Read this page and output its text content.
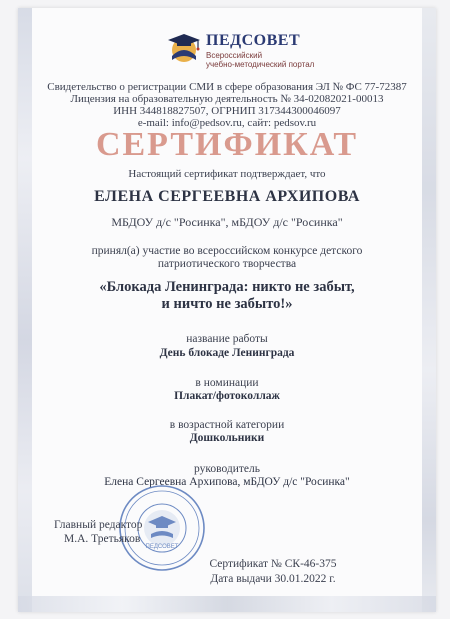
ПЕДСОВЕТ
Всероссийский
учебно-методический портал
Свидетельство о регистрации СМИ в сфере образования ЭЛ № ФС 77-72387
Лицензия на образовательную деятельность № 34-02082021-00013
ИНН 344818827507, ОГРНИП 317344300046097
e-mail: info@pedsov.ru, сайт: pedsov.ru
СЕРТИФИКАТ
Настоящий сертификат подтверждает, что
ЕЛЕНА СЕРГЕЕВНА АРХИПОВА
МБДОУ д/с "Росинка", мБДОУ д/с "Росинка"
принял(а) участие во всероссийском конкурсе детского
патриотического творчества
«Блокада Ленинграда: никто не забыт,
и ничто не забыто!»
название работы
День блокаде Ленинграда
в номинации
Плакат/фотоколлаж
в возрастной категории
Дошкольники
руководитель
Елена Сергеевна Архипова, мБДОУ д/с "Росинка"
ПЕДСОВЕТ
Главный редактор
М.А. Третьяков
Сертификат № СК-46-375
Дата выдачи 30.01.2022 г.
